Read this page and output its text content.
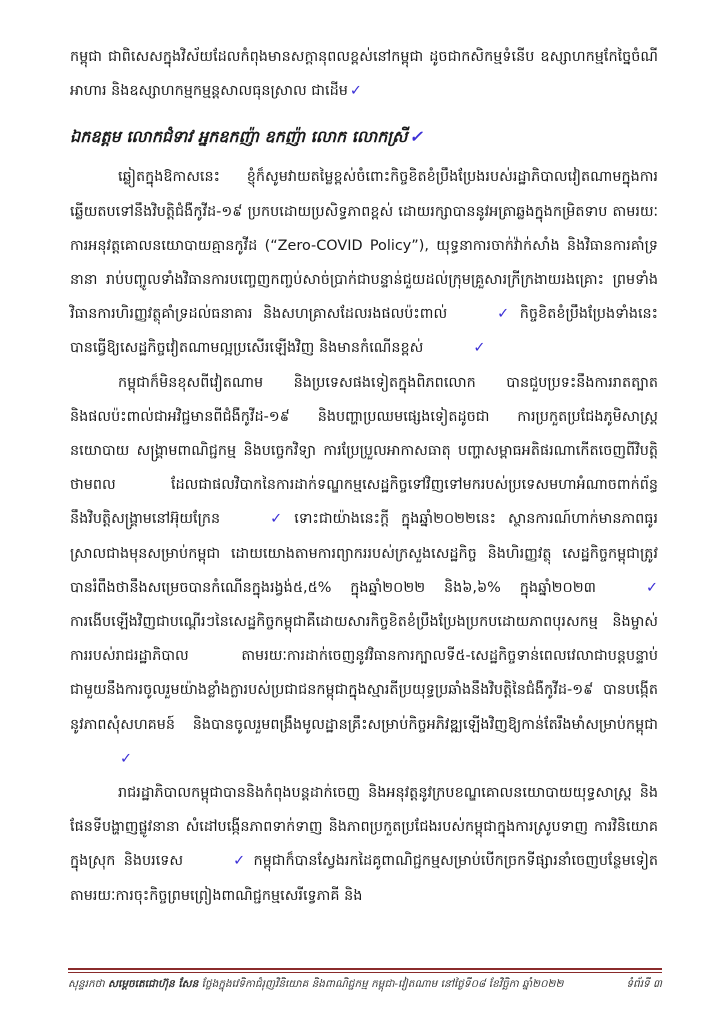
កម្ពុជា ជាពិសេសក្នុងវិស័យដែលកំពុងមានសក្ដានុពលខ្ពស់នៅកម្ពុជា ដូចជាកសិកម្មទំនើប ឧស្សាហកម្មកែច្នៃចំណីអាហារ និងឧស្សាហកម្មកម្មន្តសាលធុនស្រាល ជាដើម ✓

ឯកឧត្តម លោកជំទាវ អ្នកឧកញ៉ា ឧកញ៉ា លោក លោកស្រី ✓

ឆ្លៀតក្នុងឱកាសនេះ ខ្ញុំក៏សូមវាយតម្លៃខ្ពស់ចំពោះកិច្ចខិតខំប្រឹងប្រែងរបស់រដ្ឋាភិបាលវៀតណាមក្នុងការឆ្លើយតបទៅនឹងវិបត្តិជំងឺកូវីដ-១៩ ប្រកបដោយប្រសិទ្ធភាពខ្ពស់ ដោយរក្សាបាននូវអត្រាឆ្លងក្នុងកម្រិតទាប តាមរយៈការអនុវត្តគោលនយោបាយគ្មានកូវីដ (“Zero-COVID Policy”), យុទ្ធនាការចាក់វ៉ាក់សាំង និងវិធានការគាំទ្រនានា រាប់បញ្ចូលទាំងវិធានការបញ្ចេញកញ្ចប់សាច់ប្រាក់ជាបន្ទាន់ជួយដល់ក្រុមគ្រួសារក្រីក្រងាយរងគ្រោះ ព្រមទាំងវិធានការហិរញ្ញវត្ថុគាំទ្រដល់ធនាគារ និងសហគ្រាសដែលរងផលប៉ះពាល់	✓ កិច្ចខិតខំប្រឹងប្រែងទាំងនេះ បានធ្វើឱ្យសេដ្ឋកិច្ចវៀតណាមល្អប្រសើរឡើងវិញ និងមានកំណើនខ្ពស់	✓

កម្ពុជាក៏មិនខុសពីវៀតណាម និងប្រទេសផងទៀតក្នុងពិភពលោក បានជួបប្រទះនឹងការរាតត្បាត និងផលប៉ះពាល់ជាអវិជ្ជមានពីជំងឺកូវីដ-១៩ និងបញ្ហាប្រឈមផ្សេងទៀតដូចជា ការប្រកួតប្រជែងភូមិសាស្ត្រនយោបាយ សង្គ្រាមពាណិជ្ជកម្ម និងបច្ចេកវិទ្យា ការប្រែប្រួលអាកាសធាតុ បញ្ហាសម្ពាធអតិផរណាកើតចេញពីវិបត្តិថាមពល ដែលជាផលវិបាកនៃការដាក់ទណ្ឌកម្មសេដ្ឋកិច្ចទៅវិញទៅមករបស់ប្រទេសមហាអំណាចពាក់ព័ន្ធនឹងវិបត្តិសង្គ្រាមនៅអ៊ុយក្រែន	✓ ទោះជាយ៉ាងនេះក្ដី ក្នុងឆ្នាំ២០២២នេះ ស្ថានការណ៍ហាក់មានភាពធូរស្រាលជាងមុនសម្រាប់កម្ពុជា ដោយយោងតាមការព្យាកររបស់ក្រសួងសេដ្ឋកិច្ច និងហិរញ្ញវត្ថុ សេដ្ឋកិច្ចកម្ពុជាត្រូវបានរំពឹងថានឹងសម្រេចបានកំណើនក្នុងរង្វង់៥,៥% ក្នុងឆ្នាំ២០២២ និង៦,៦% ក្នុងឆ្នាំ២០២៣	✓ ការងើបឡើងវិញជាបណ្ដើរៗនៃសេដ្ឋកិច្ចកម្ពុជាគឺដោយសារកិច្ចខិតខំប្រឹងប្រែងប្រកបដោយភាពបុរសកម្ម និងម្ចាស់ការរបស់រាជរដ្ឋាភិបាល តាមរយៈការដាក់ចេញនូវវិធានការក្បាលទី៥-សេដ្ឋកិច្ចទាន់ពេលវេលាជាបន្តបន្ទាប់ ជាមួយនឹងការចូលរួមយ៉ាងខ្លាំងក្លារបស់ប្រជាជនកម្ពុជាក្នុងស្មារតីប្រយុទ្ធប្រឆាំងនឹងវិបត្តិនៃជំងឺកូវីដ-១៩ បានបង្កើតនូវភាពសុំសហគមន៍ និងបានចូលរួមពង្រឹងមូលដ្ឋានគ្រឹះសម្រាប់កិច្ចអភិវឌ្ឍឡើងវិញឱ្យកាន់តែរឹងមាំសម្រាប់កម្ពុជា✓

រាជរដ្ឋាភិបាលកម្ពុជាបាននិងកំពុងបន្តដាក់ចេញ និងអនុវត្តនូវក្របខណ្ឌគោលនយោបាយយុទ្ធសាស្ត្រ និងផែនទីបង្ហាញផ្លូវនានា សំដៅបង្កើនភាពទាក់ទាញ និងភាពប្រកួតប្រជែងរបស់កម្ពុជាក្នុងការស្រូបទាញ ការវិនិយោគក្នុងស្រុក និងបរទេស	✓ កម្ពុជាក៏បានស្វែងរកដៃគូពាណិជ្ជកម្មសម្រាប់បើកច្រកទីផ្សារនាំចេញបន្ថែមទៀត តាមរយៈការចុះកិច្ចព្រមព្រៀងពាណិជ្ជកម្មសេរីទ្វេភាគី និង

សុន្ទរកថា សម្ដេចតេជោហ៊ុន សែន ថ្លែងក្នុងវេទិកាជំរុញវិនិយោគ និងពាណិជ្ជកម្ម កម្ពុជា-វៀតណាម នៅថ្ងៃទី០៨ ខែវិច្ឆិកា ឆ្នាំ២០២២	ទំព័រទី ៣
